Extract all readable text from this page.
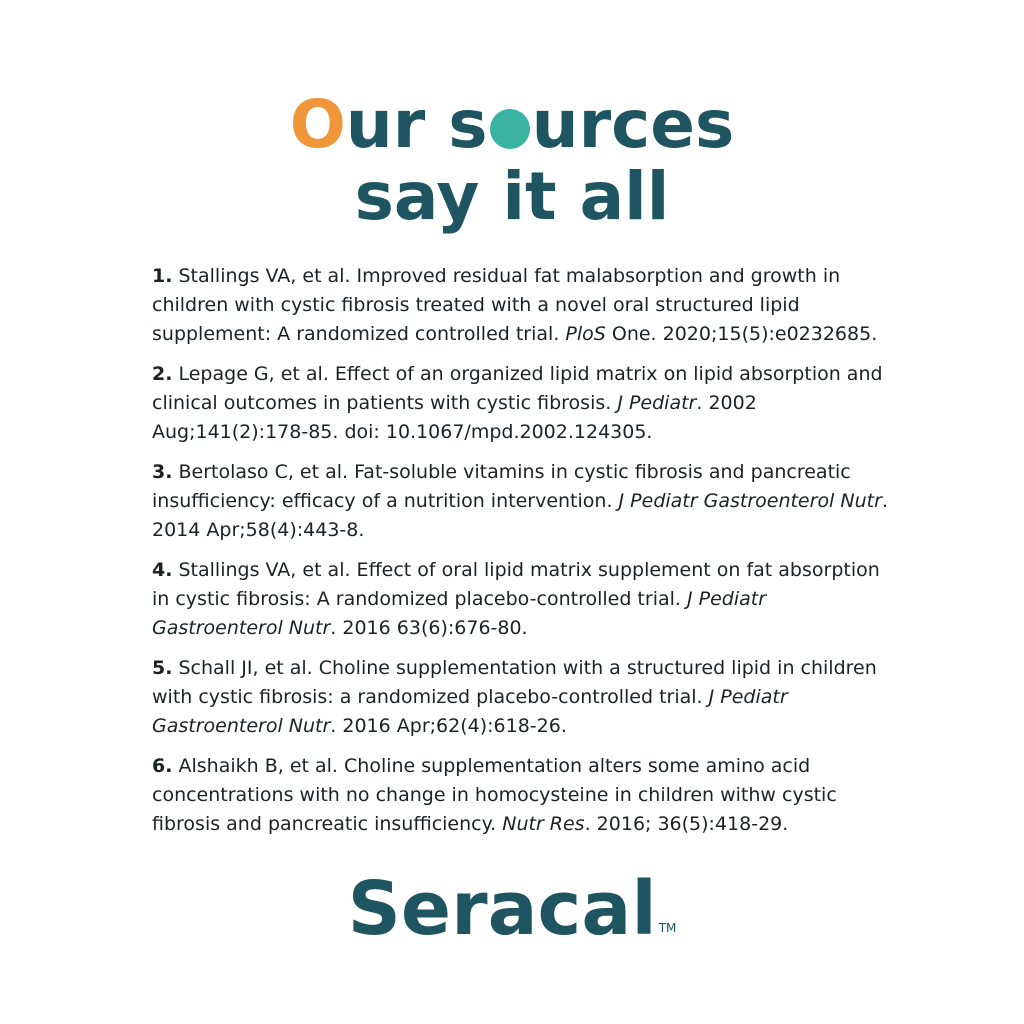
Our s urces
say it all

1. Stallings VA, et al. Improved residual fat malabsorption and growth in children with cystic fibrosis treated with a novel oral structured lipid supplement: A randomized controlled trial. PloS One. 2020;15(5):e0232685.

2. Lepage G, et al. Effect of an organized lipid matrix on lipid absorption and clinical outcomes in patients with cystic fibrosis. J Pediatr. 2002 Aug;141(2):178-85. doi: 10.1067/mpd.2002.124305.

3. Bertolaso C, et al. Fat-soluble vitamins in cystic fibrosis and pancreatic insufficiency: efficacy of a nutrition intervention. J Pediatr Gastroenterol Nutr. 2014 Apr;58(4):443-8.

4. Stallings VA, et al. Effect of oral lipid matrix supplement on fat absorption in cystic fibrosis: A randomized placebo-controlled trial. J Pediatr Gastroenterol Nutr. 2016 63(6):676-80.

5. Schall JI, et al. Choline supplementation with a structured lipid in children with cystic fibrosis: a randomized placebo-controlled trial. J Pediatr Gastroenterol Nutr. 2016 Apr;62(4):618-26.

6. Alshaikh B, et al. Choline supplementation alters some amino acid concentrations with no change in homocysteine in children withw cystic fibrosis and pancreatic insufficiency. Nutr Res. 2016; 36(5):418-29.

Seracal TM
